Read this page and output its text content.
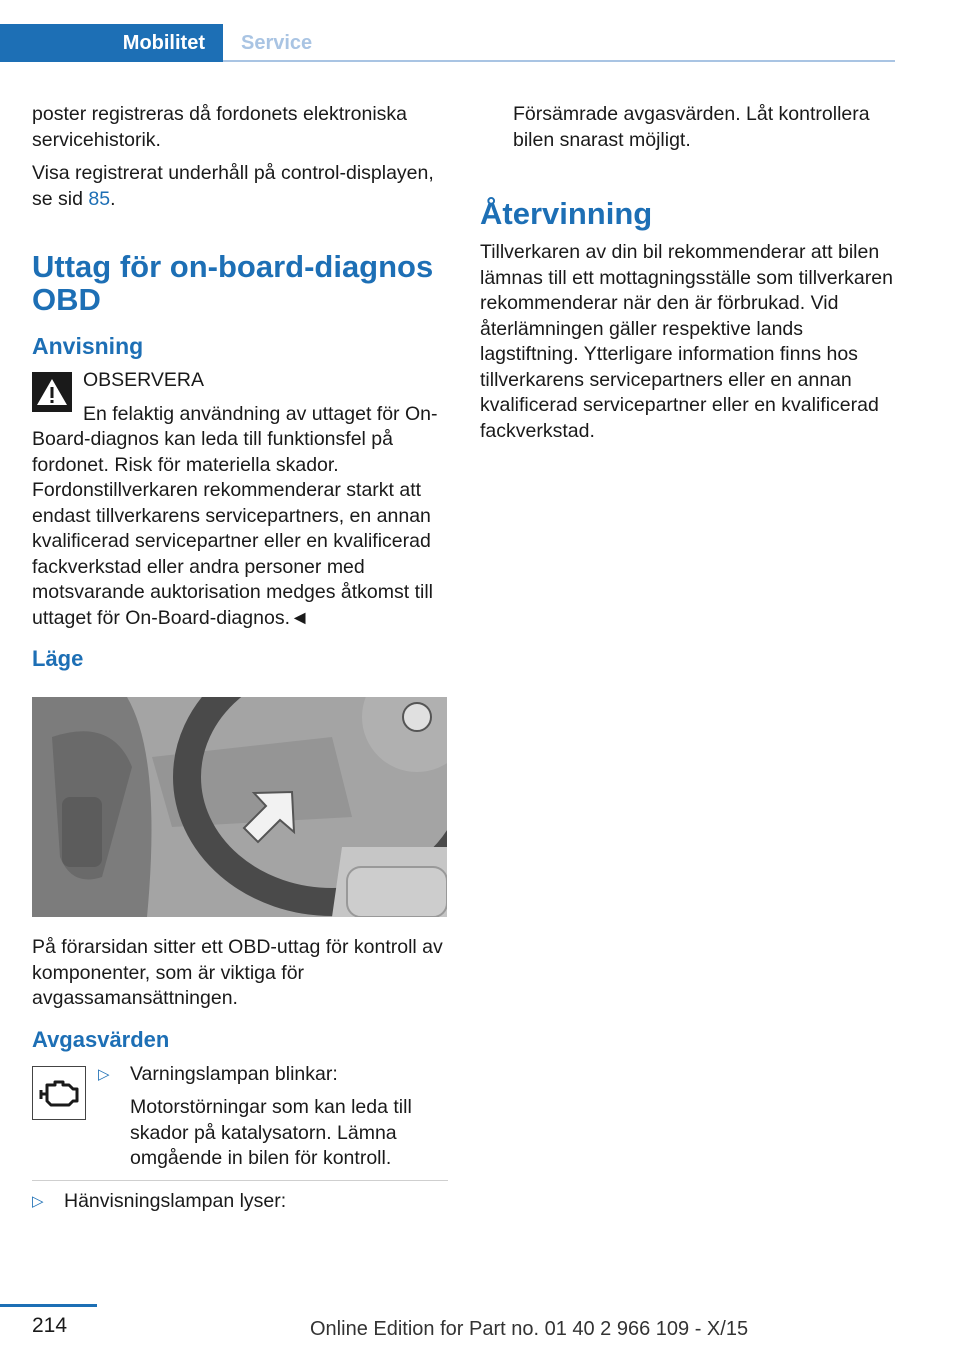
Mobilitet	Service

poster registreras då fordonets elektroniska servicehistorik.

Visa registrerat underhåll på control-displayen, se sid 85.

Uttag för on-board-diagnos OBD
Anvisning

OBSERVERA

En felaktig användning av uttaget för On-Board-diagnos kan leda till funktionsfel på fordonet. Risk för materiella skador. Fordonstillverkaren rekommenderar starkt att endast tillverkarens servicepartners, en annan kvalificerad servicepartner eller en kvalificerad fackverkstad eller andra personer med motsvarande auktorisation medges åtkomst till uttaget för On-Board-diagnos.◄

Läge

På förarsidan sitter ett OBD-uttag för kontroll av komponenter, som är viktiga för avgassamansättningen.

Avgasvärden
▷ Varningslampan blinkar:

Motorstörningar som kan leda till skador på katalysatorn. Lämna omgående in bilen för kontroll.

▷ Hänvisningslampan lyser:

Försämrade avgasvärden. Låt kontrollera bilen snarast möjligt.

Återvinning

Tillverkaren av din bil rekommenderar att bilen lämnas till ett mottagningsställe som tillverkaren rekommenderar när den är förbrukad. Vid återlämningen gäller respektive lands lagstiftning. Ytterligare information finns hos tillverkarens servicepartners eller en annan kvalificerad servicepartner eller en kvalificerad fackverkstad.

214	Online Edition for Part no. 01 40 2 966 109 - X/15
